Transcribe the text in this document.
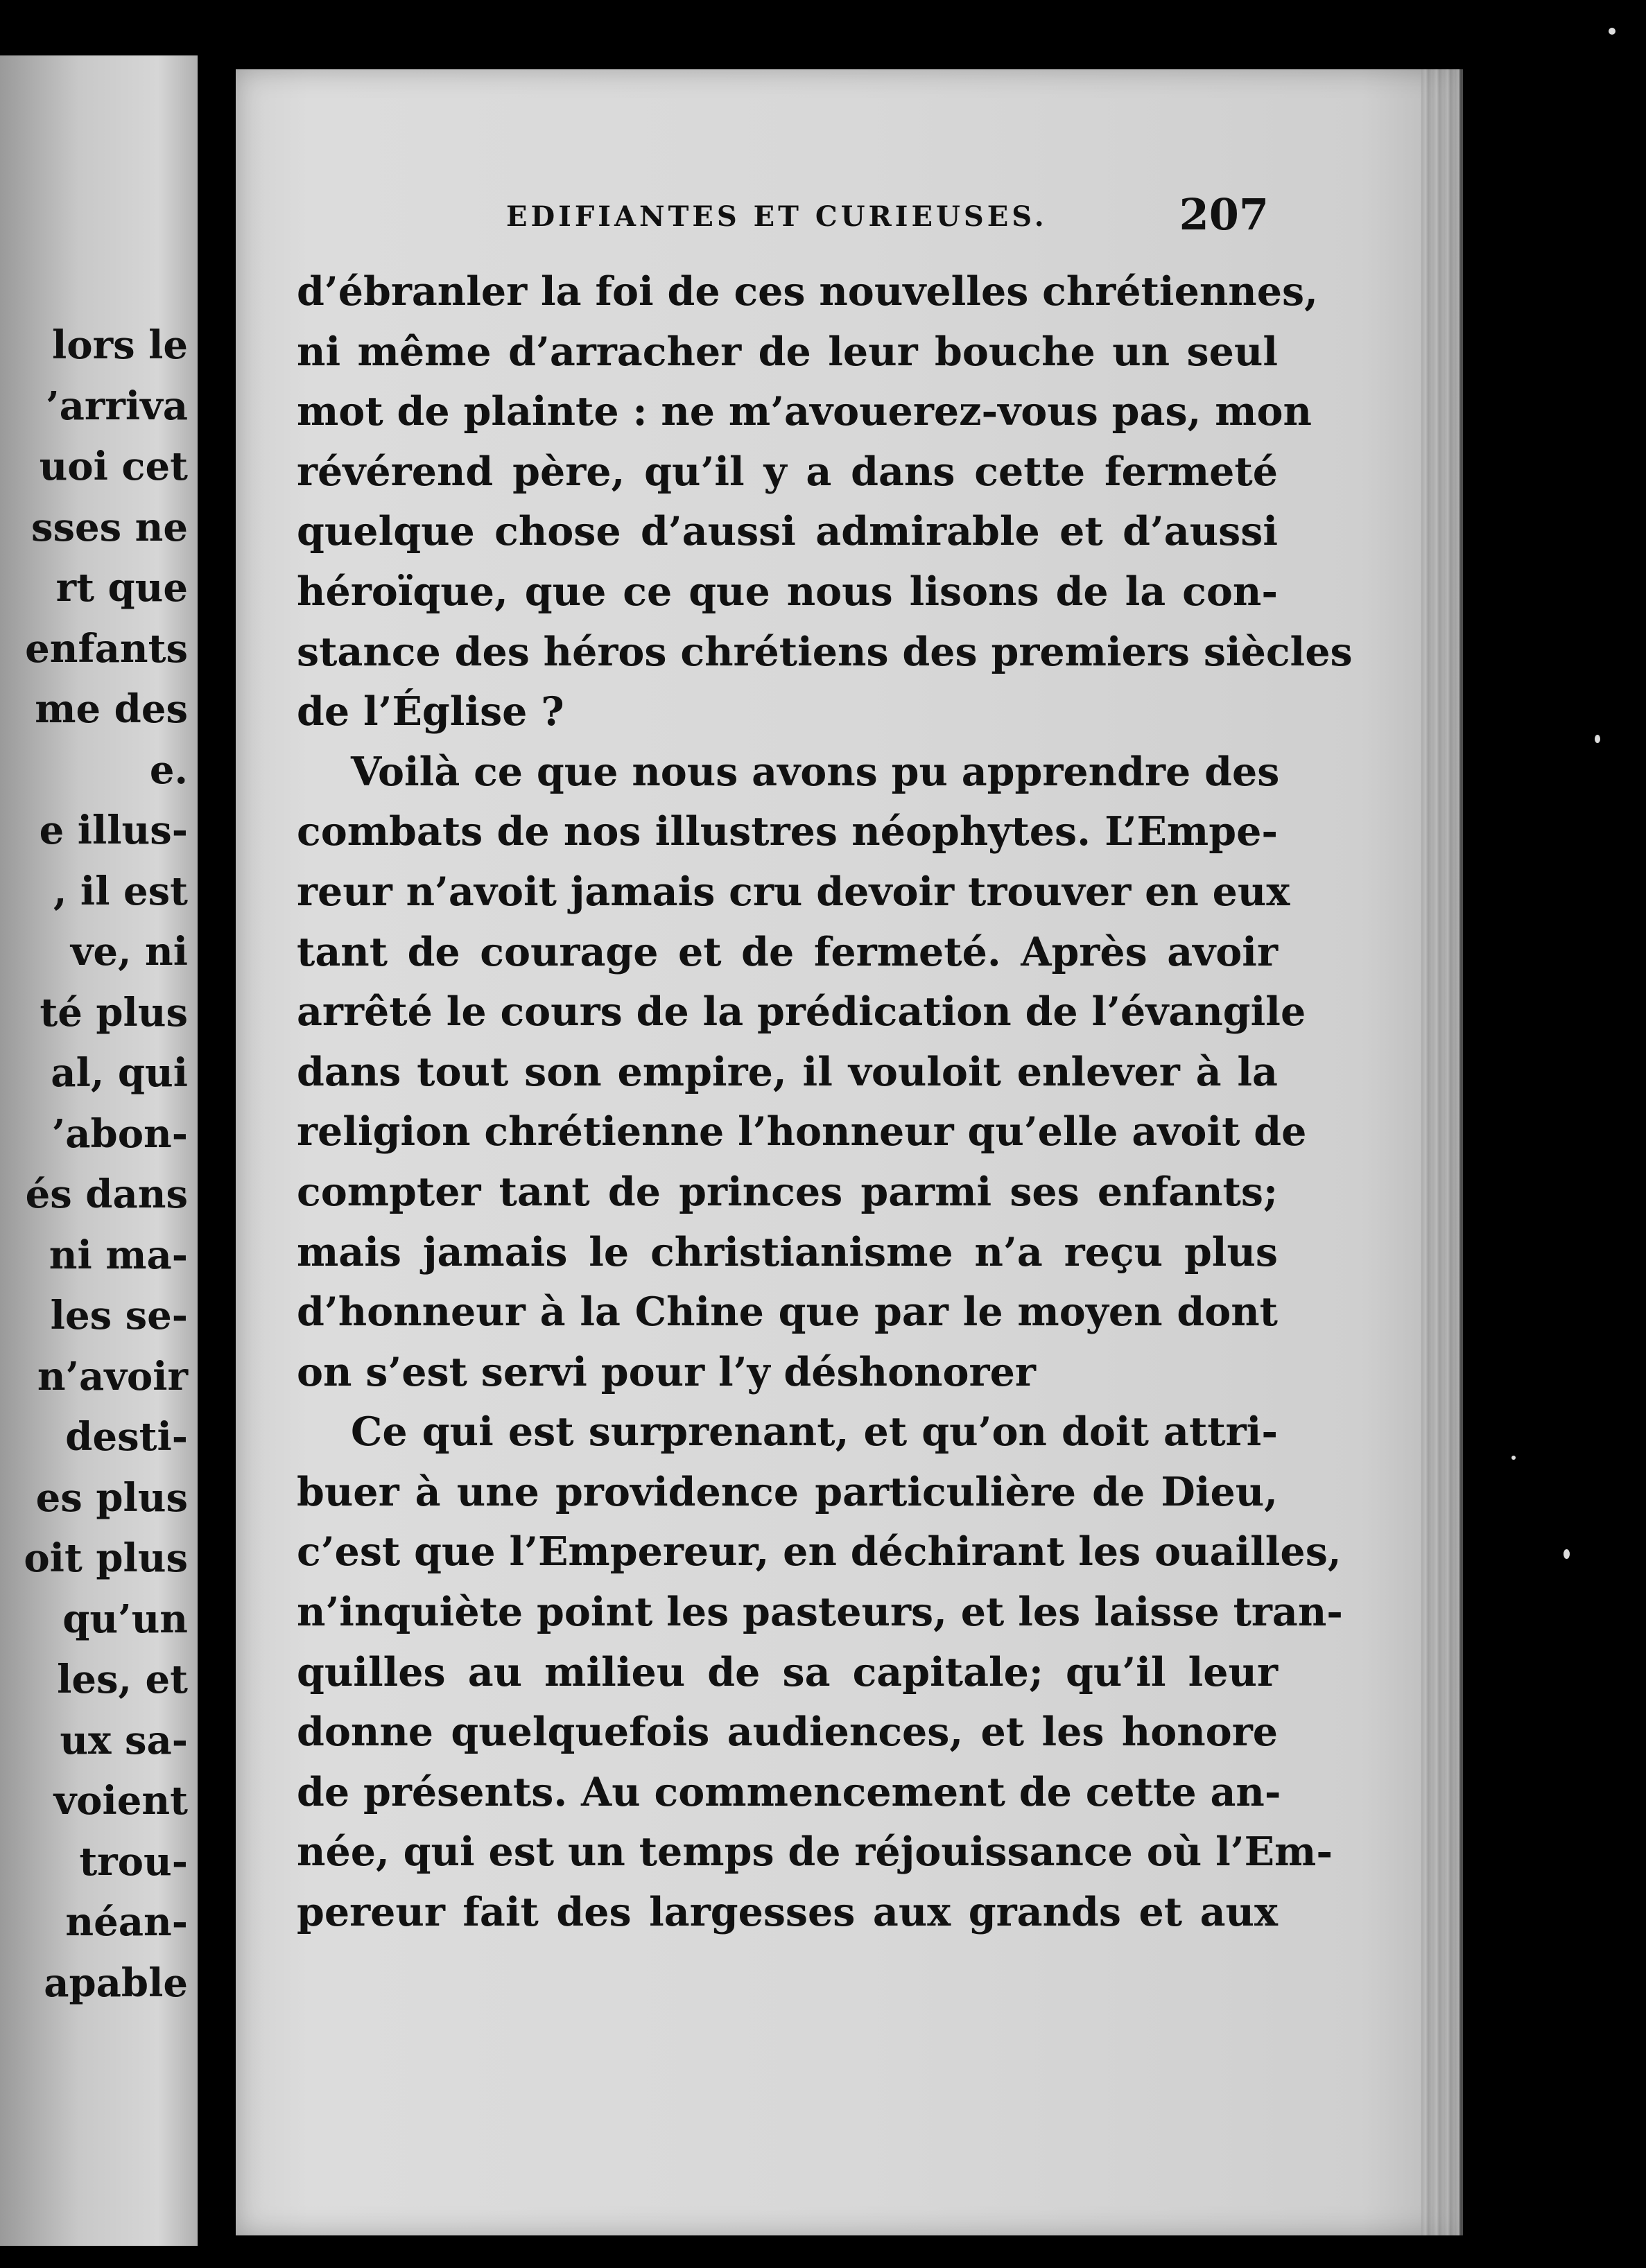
lors le
’arriva
uoi cet
sses ne
rt que
enfants
me des
e.
e illus-
, il est
ve, ni
té plus
al, qui
’abon-
és dans
ni ma-
les se-
n’avoir
desti-
es plus
oit plus
qu’un
les, et
ux sa-
voient
trou-
néan-
apable
EDIFIANTES ET CURIEUSES.	207
d’ébranler la foi de ces nouvelles chrétiennes,
ni même d’arracher de leur bouche un seul
mot de plainte : ne m’avouerez-vous pas, mon
révérend père, qu’il y a dans cette fermeté
quelque chose d’aussi admirable et d’aussi
héroïque, que ce que nous lisons de la con-
stance des héros chrétiens des premiers siècles
de l’Église ?
Voilà ce que nous avons pu apprendre des
combats de nos illustres néophytes. L’Empe-
reur n’avoit jamais cru devoir trouver en eux
tant de courage et de fermeté. Après avoir
arrêté le cours de la prédication de l’évangile
dans tout son empire, il vouloit enlever à la
religion chrétienne l’honneur qu’elle avoit de
compter tant de princes parmi ses enfants;
mais jamais le christianisme n’a reçu plus
d’honneur à la Chine que par le moyen dont
on s’est servi pour l’y déshonorer
Ce qui est surprenant, et qu’on doit attri-
buer à une providence particulière de Dieu,
c’est que l’Empereur, en déchirant les ouailles,
n’inquiète point les pasteurs, et les laisse tran-
quilles au milieu de sa capitale; qu’il leur
donne quelquefois audiences, et les honore
de présents. Au commencement de cette an-
née, qui est un temps de réjouissance où l’Em-
pereur fait des largesses aux grands et aux
